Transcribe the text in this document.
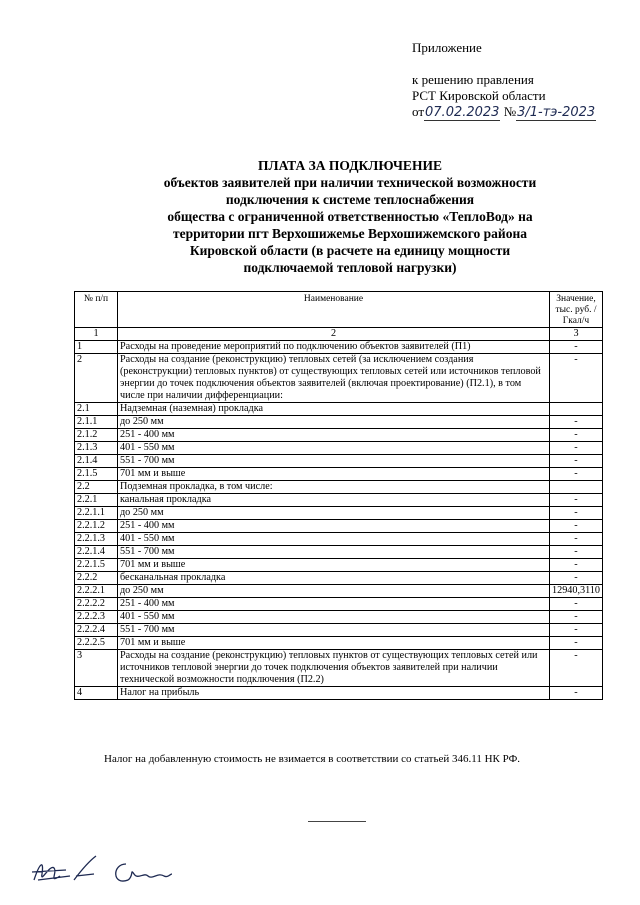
Приложение
к решению правления
РСТ Кировской области
от07.02.2023 №3/1-тэ-2023
ПЛАТА ЗА ПОДКЛЮЧЕНИЕ
объектов заявителей при наличии технической возможности
подключения к системе теплоснабжения
общества с ограниченной ответственностью «ТеплоВод» на
территории пгт Верхошижемье Верхошижемского района
Кировской области (в расчете на единицу мощности
подключаемой тепловой нагрузки)
№ п/п	Наименование	Значение, тыс. руб. / Гкал/ч
1	2	3
1	Расходы на проведение мероприятий по подключению объектов заявителей (П1)	-
2	Расходы на создание (реконструкцию) тепловых сетей (за исключением создания (реконструкции) тепловых пунктов) от существующих тепловых сетей или источников тепловой энергии до точек подключения объектов заявителей (включая проектирование) (П2.1), в том числе при наличии дифференциации:	-
2.1	Надземная (наземная) прокладка	
2.1.1	до 250 мм	-
2.1.2	251 - 400 мм	-
2.1.3	401 - 550 мм	-
2.1.4	551 - 700 мм	-
2.1.5	701 мм и выше	-
2.2	Подземная прокладка, в том числе:	
2.2.1	канальная прокладка	-
2.2.1.1	до 250 мм	-
2.2.1.2	251 - 400 мм	-
2.2.1.3	401 - 550 мм	-
2.2.1.4	551 - 700 мм	-
2.2.1.5	701 мм и выше	-
2.2.2	бесканальная прокладка	-
2.2.2.1	до 250 мм	12940,3110
2.2.2.2	251 - 400 мм	-
2.2.2.3	401 - 550 мм	-
2.2.2.4	551 - 700 мм	-
2.2.2.5	701 мм и выше	-
3	Расходы на создание (реконструкцию) тепловых пунктов от существующих тепловых сетей или источников тепловой энергии до точек подключения объектов заявителей при наличии технической возможности подключения (П2.2)	-
4	Налог на прибыль	-
Налог на добавленную стоимость не взимается в соответствии со статьей 346.11 НК РФ.
